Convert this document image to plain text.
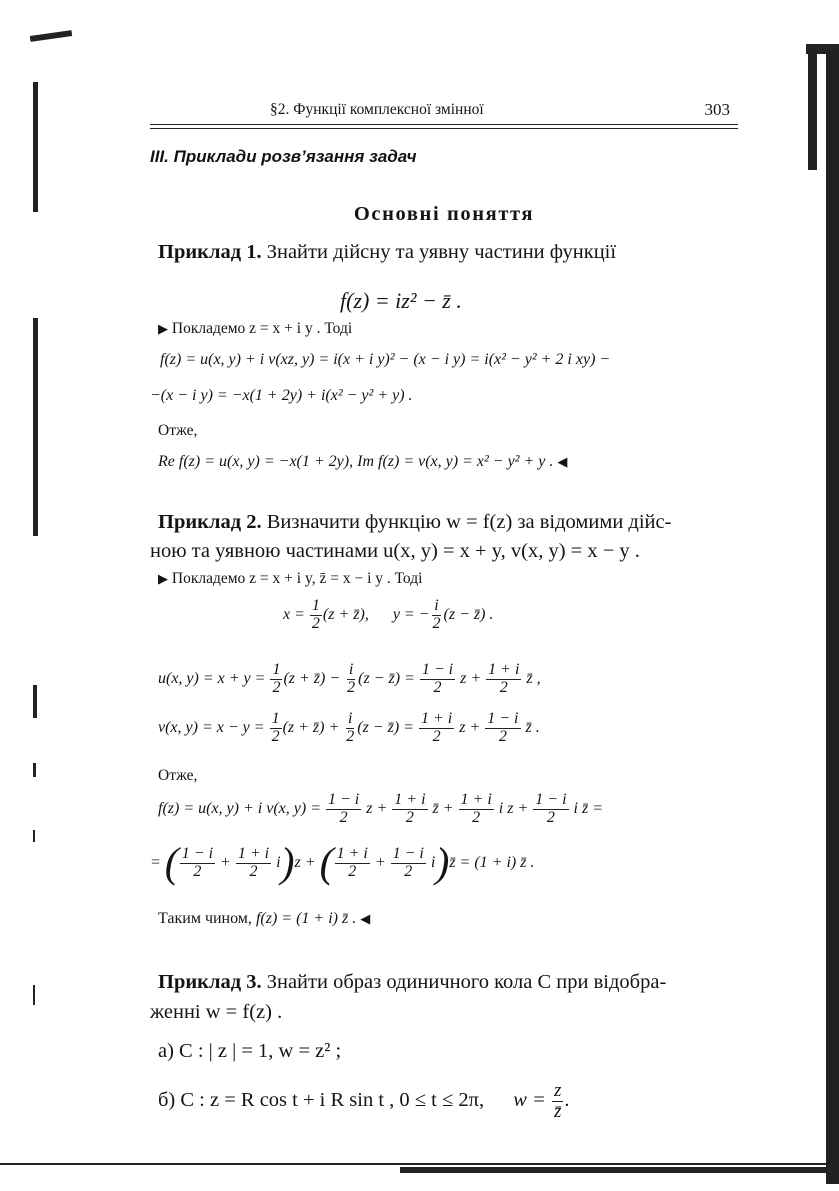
§2. Функції комплексної змінної	303
III. Приклади розв’язання задач
Основні поняття
Приклад 1. Знайти дійсну та уявну частини функції
f(z) = iz² − z̄ .
▶ Покладемо z = x + i y . Тоді
f(z) = u(x, y) + i v(xz, y) = i(x + i y)² − (x − i y) = i(x² − y² + 2 i xy) −
−(x − i y) = −x(1 + 2y) + i(x² − y² + y) .
Отже,
Re f(z) = u(x, y) = −x(1 + 2y), Im f(z) = v(x, y) = x² − y² + y . ◀
Приклад 2. Визначити функцію w = f(z) за відомими дійс-
ною та уявною частинами u(x, y) = x + y, v(x, y) = x − y .
▶ Покладемо z = x + i y, z̄ = x − i y . Тоді
$x = \frac{1}{2} (z$ + z̄),      y = − $\frac{i}{2} (z$ − z̄) .
u(x, $y) = x + y = \frac{1}{2} (z$ + z̄) − $\frac{i}{2} (z$ − z̄) = $\frac{1 - i}{2}$ $z + \frac{1 + i}{2}$ z̄ ,
v(x, $y) = x - y = \frac{1}{2} (z$ + z̄) + $\frac{i}{2} (z$ − z̄) = $\frac{1 + i}{2}$ $z + \frac{1 - i}{2}$ z̄ .
Отже,
f(z) = u(x, y) + i v(x, $y) = \frac{1 - i}{2}$ $z + \frac{1 + i}{2}$ z̄ + $\frac{1 + i}{2}$ i $z + \frac{1 - i}{2}$ i z̄ =
= ( $\frac{1 - i}{2} + \frac{1 + i}{2} i)z$ + ( $\frac{1 + i}{2} + \frac{1 - i}{2}$ i)z̄ = (1 + i) z̄ .
Таким чином, f(z) = (1 + i) z̄ . ◀
Приклад 3. Знайти образ одиничного кола C при відобра-
женні w = f(z) .
а) C : | z | = 1, w = z² ;
б) C : z = R cos t + i R sin t , 0 ≤ t ≤ 2π, $w = \frac{z}{z̄}$ .
